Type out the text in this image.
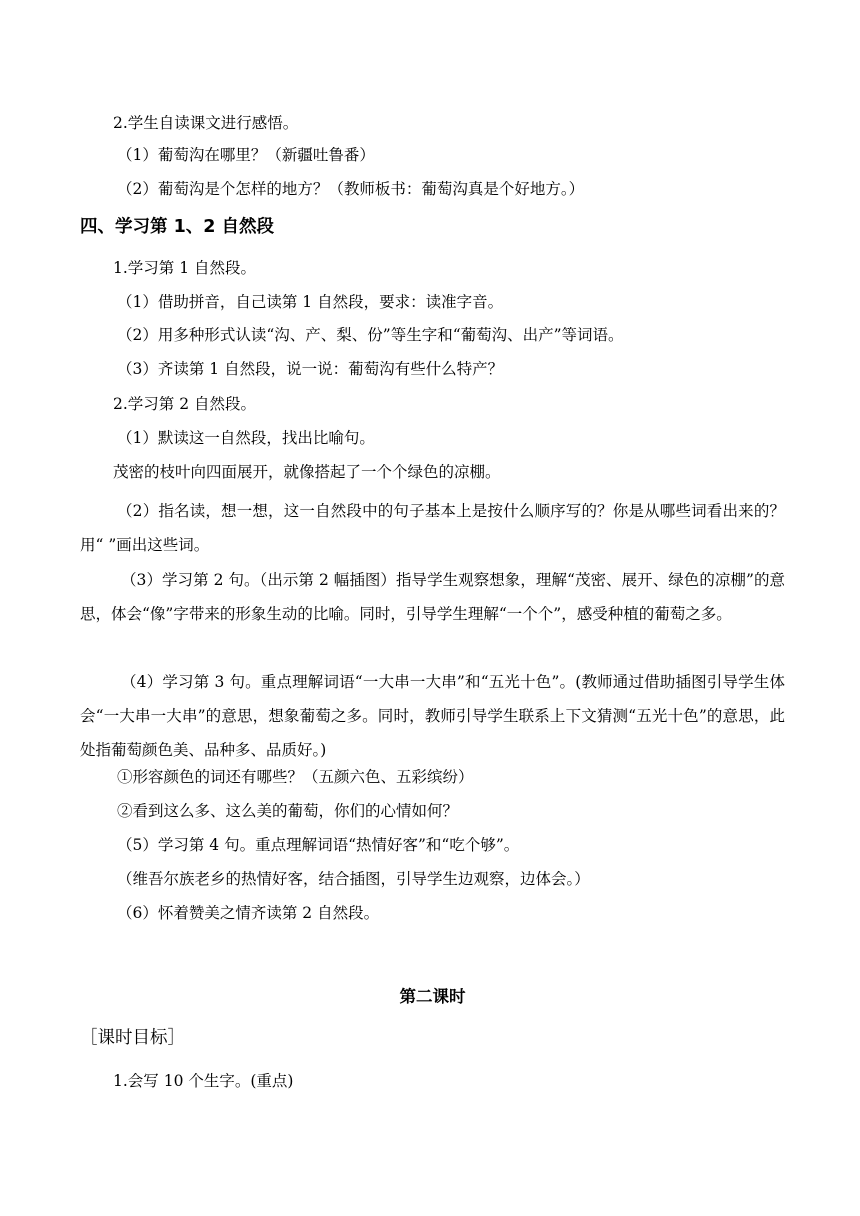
2.学生自读课文进行感悟。
（1）葡萄沟在哪里？（新疆吐鲁番）
（2）葡萄沟是个怎样的地方？（教师板书：葡萄沟真是个好地方。）
四、学习第 1、2 自然段
1.学习第 1 自然段。
（1）借助拼音，自己读第 1 自然段，要求：读准字音。
（2）用多种形式认读“沟、产、梨、份”等生字和“葡萄沟、出产”等词语。
（3）齐读第 1 自然段，说一说：葡萄沟有些什么特产？
2.学习第 2 自然段。
（1）默读这一自然段，找出比喻句。
茂密的枝叶向四面展开，就像搭起了一个个绿色的凉棚。
（2）指名读，想一想，这一自然段中的句子基本上是按什么顺序写的？你是从哪些词看出来的？用“ ”画出这些词。
（3）学习第 2 句。（出示第 2 幅插图）指导学生观察想象，理解“茂密、展开、绿色的凉棚”的意思，体会“像”字带来的形象生动的比喻。同时，引导学生理解“一个个”，感受种植的葡萄之多。
（4）学习第 3 句。重点理解词语“一大串一大串”和“五光十色”。(教师通过借助插图引导学生体会“一大串一大串”的意思，想象葡萄之多。同时，教师引导学生联系上下文猜测“五光十色”的意思，此处指葡萄颜色美、品种多、品质好。)
①形容颜色的词还有哪些？（五颜六色、五彩缤纷）
②看到这么多、这么美的葡萄，你们的心情如何？
（5）学习第 4 句。重点理解词语“热情好客”和“吃个够”。
（维吾尔族老乡的热情好客，结合插图，引导学生边观察，边体会。）
（6）怀着赞美之情齐读第 2 自然段。
第二课时
［课时目标］
1.会写 10 个生字。(重点)
